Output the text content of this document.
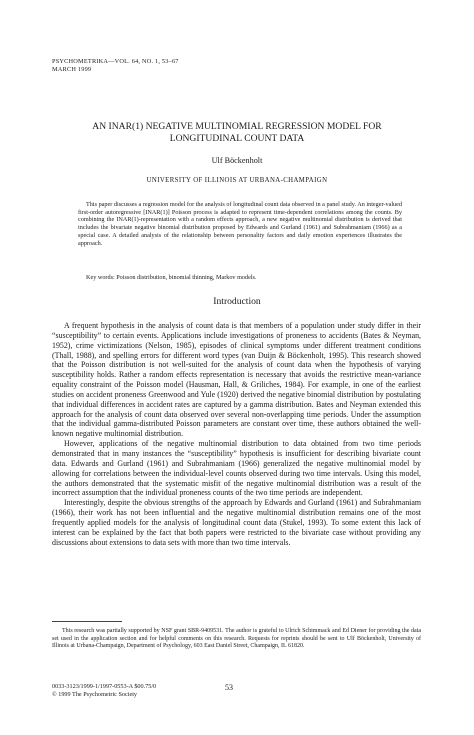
PSYCHOMETRIKA—VOL. 64, NO. 1, 53–67
MARCH 1999
AN INAR(1) NEGATIVE MULTINOMIAL REGRESSION MODEL FOR
LONGITUDINAL COUNT DATA
Ulf Böckenholt
UNIVERSITY OF ILLINOIS AT URBANA-CHAMPAIGN

This paper discusses a regression model for the analysis of longitudinal count data observed in a panel study. An integer-valued first-order autoregressive [INAR(1)] Poisson process is adapted to represent time-dependent correlations among the counts. By combining the INAR(1)-representation with a random effects approach, a new negative multinomial distribution is derived that includes the bivariate negative binomial distribution proposed by Edwards and Gurland (1961) and Subrahmaniam (1966) as a special case. A detailed analysis of the relationship between personality factors and daily emotion experiences illustrates the approach.

Key words: Poisson distribution, binomial thinning, Markov models.
Introduction

A frequent hypothesis in the analysis of count data is that members of a population under study differ in their “susceptibility” to certain events. Applications include investigations of proneness to accidents (Bates & Neyman, 1952), crime victimizations (Nelson, 1985), episodes of clinical symptoms under different treatment conditions (Thall, 1988), and spelling errors for different word types (van Duijn & Böckenholt, 1995). This research showed that the Poisson distribution is not well-suited for the analysis of count data when the hypothesis of varying susceptibility holds. Rather a random effects representation is necessary that avoids the restrictive mean-variance equality constraint of the Poisson model (Hausman, Hall, & Griliches, 1984). For example, in one of the earliest studies on accident proneness Greenwood and Yule (1920) derived the negative binomial distribution by postulating that individual differences in accident rates are captured by a gamma distribution. Bates and Neyman extended this approach for the analysis of count data observed over several non-overlapping time periods. Under the assumption that the individual gamma-distributed Poisson parameters are constant over time, these authors obtained the well-known negative multinomial distribution.

However, applications of the negative multinomial distribution to data obtained from two time periods demonstrated that in many instances the “susceptibility” hypothesis is insufficient for describing bivariate count data. Edwards and Gurland (1961) and Subrahmaniam (1966) generalized the negative multinomial model by allowing for correlations between the individual-level counts observed during two time intervals. Using this model, the authors demonstrated that the systematic misfit of the negative multinomial distribution was a result of the incorrect assumption that the individual proneness counts of the two time periods are independent.

Interestingly, despite the obvious strengths of the approach by Edwards and Gurland (1961) and Subrahmaniam (1966), their work has not been influential and the negative multinomial distribution remains one of the most frequently applied models for the analysis of longitudinal count data (Stukel, 1993). To some extent this lack of interest can be explained by the fact that both papers were restricted to the bivariate case without providing any discussions about extensions to data sets with more than two time intervals.

This research was partially supported by NSF grant SBR-9409531. The author is grateful to Ulrich Schimmack and Ed Diener for providing the data set used in the application section and for helpful comments on this research. Requests for reprints should be sent to Ulf Böckenholt, University of Illinois at Urbana-Champaign, Department of Psychology, 603 East Daniel Street, Champaign, IL 61820.

0033-3123/1999-1/1997-0553-A $00.75/0
© 1999 The Psychometric Society
53
